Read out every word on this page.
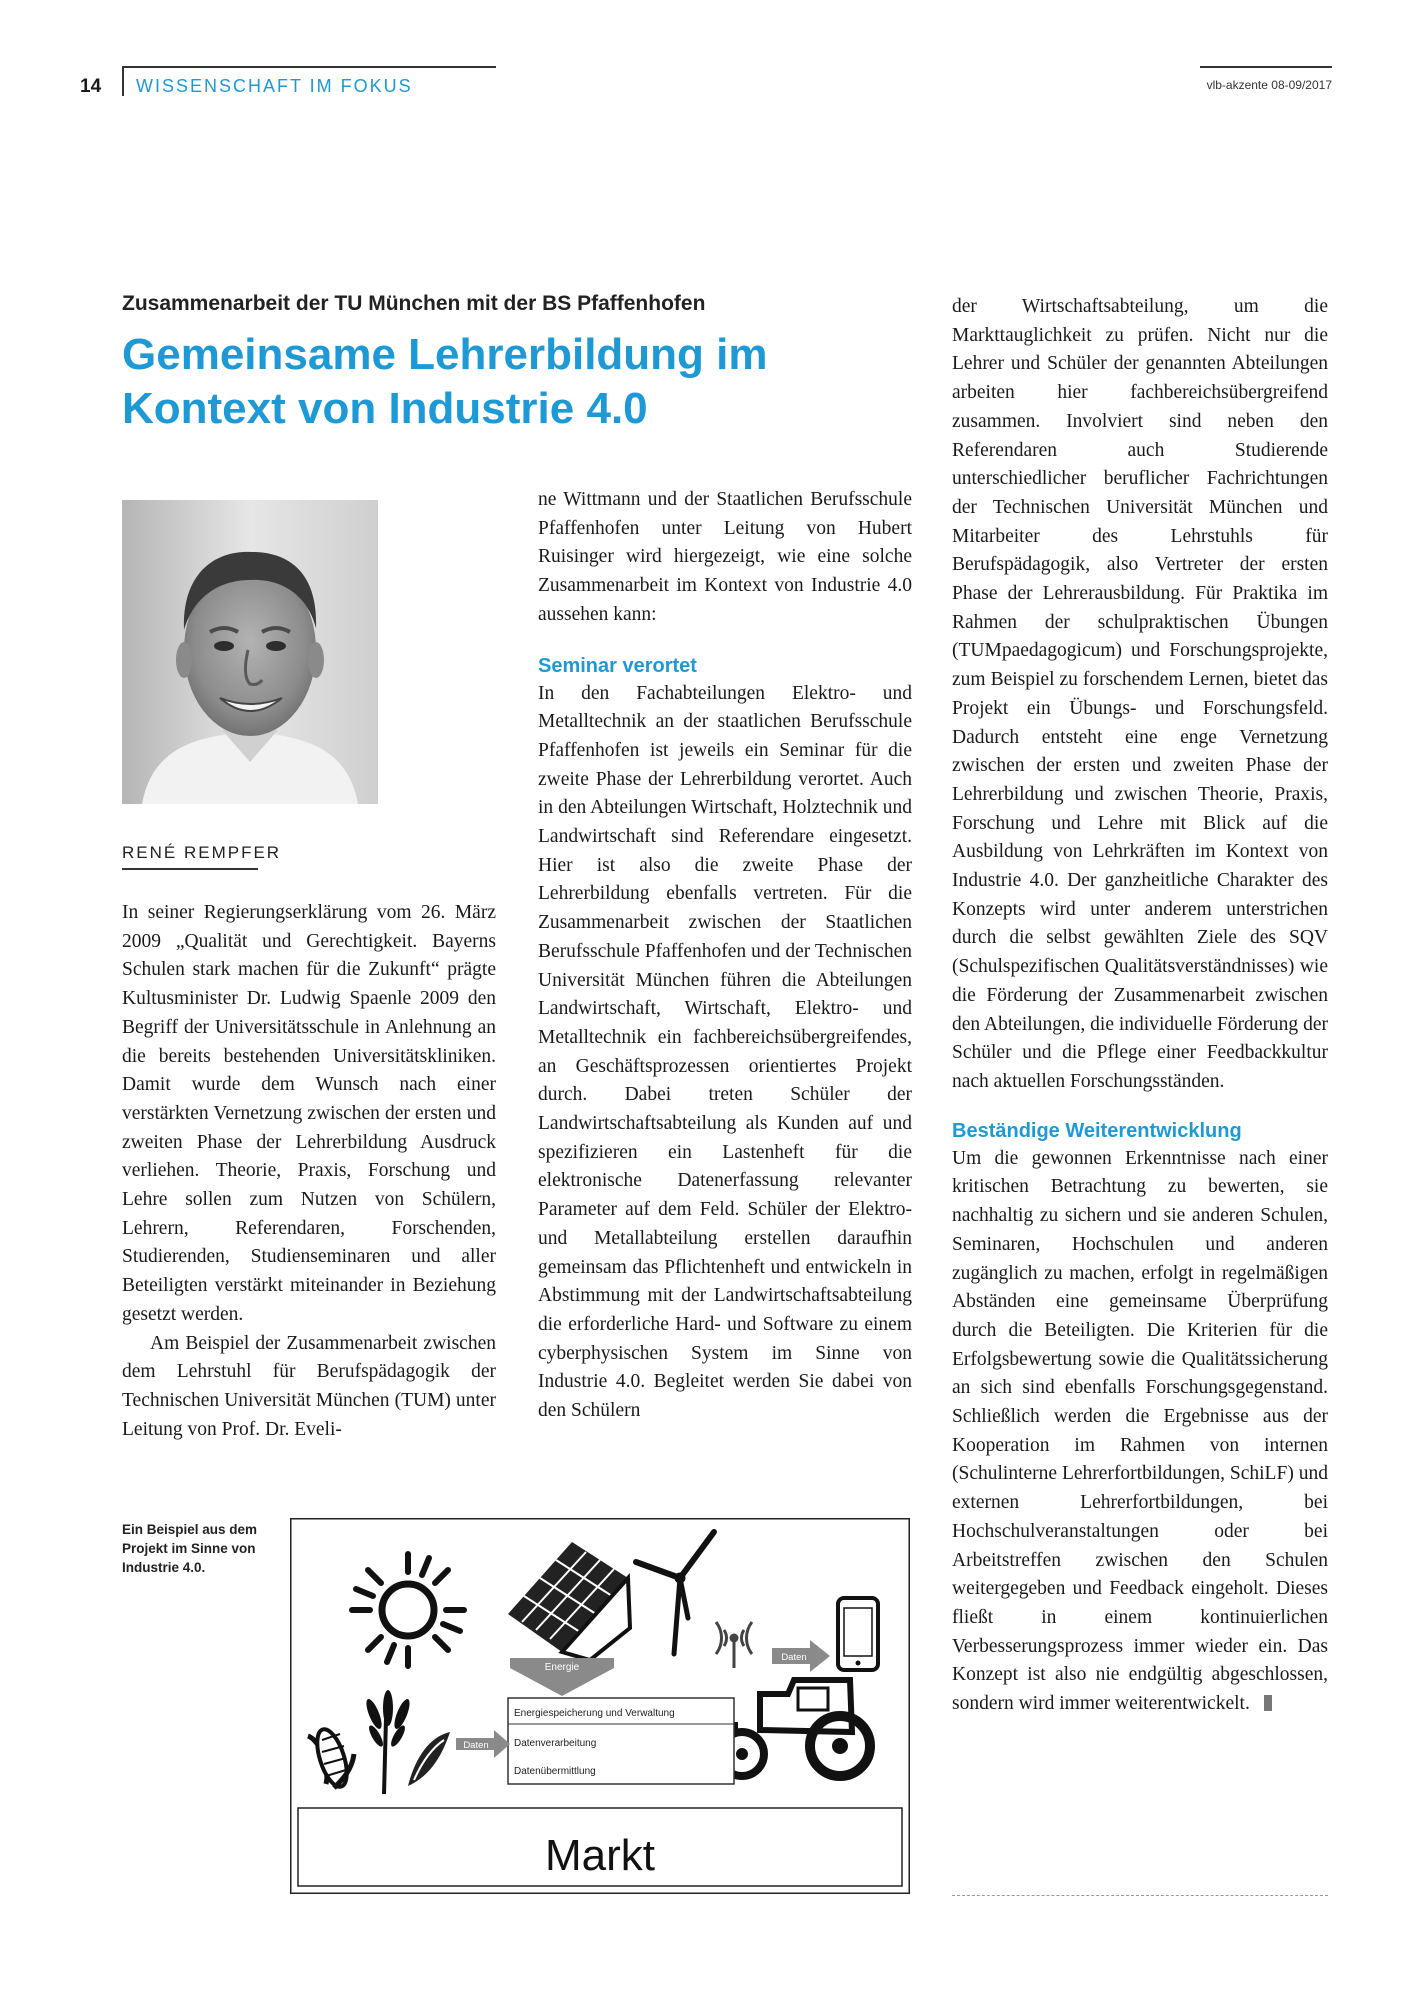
14 WISSENSCHAFT IM FOKUS	vlb-akzente 08-09/2017
Zusammenarbeit der TU München mit der BS Pfaffenhofen
Gemeinsame Lehrerbildung im Kontext von Industrie 4.0
RENÉ REMPFER

In seiner Regierungserklärung vom 26. März 2009 „Qualität und Gerechtigkeit. Bayerns Schulen stark machen für die Zukunft“ prägte Kultusminister Dr. Ludwig Spaenle 2009 den Begriff der Universitätsschule in Anlehnung an die bereits bestehenden Universitätskliniken. Damit wurde dem Wunsch nach einer verstärkten Vernetzung zwischen der ersten und zweiten Phase der Lehrerbildung Ausdruck verliehen. Theorie, Praxis, Forschung und Lehre sollen zum Nutzen von Schülern, Lehrern, Referendaren, Forschenden, Studierenden, Studienseminaren und aller Beteiligten verstärkt miteinander in Beziehung gesetzt werden.

Am Beispiel der Zusammenarbeit zwischen dem Lehrstuhl für Berufspädagogik der Technischen Universität München (TUM) unter Leitung von Prof. Dr. Eveli-

ne Wittmann und der Staatlichen Berufsschule Pfaffenhofen unter Leitung von Hubert Ruisinger wird hiergezeigt, wie eine solche Zusammenarbeit im Kontext von Industrie 4.0 aussehen kann:

Seminar verortet

In den Fachabteilungen Elektro- und Metalltechnik an der staatlichen Berufsschule Pfaffenhofen ist jeweils ein Seminar für die zweite Phase der Lehrerbildung verortet. Auch in den Abteilungen Wirtschaft, Holztechnik und Landwirtschaft sind Referendare eingesetzt. Hier ist also die zweite Phase der Lehrerbildung ebenfalls vertreten. Für die Zusammenarbeit zwischen der Staatlichen Berufsschule Pfaffenhofen und der Technischen Universität München führen die Abteilungen Landwirtschaft, Wirtschaft, Elektro- und Metalltechnik ein fachbereichsübergreifendes, an Geschäftsprozessen orientiertes Projekt durch. Dabei treten Schüler der Landwirtschaftsabteilung als Kunden auf und spezifizieren ein Lastenheft für die elektronische Datenerfassung relevanter Parameter auf dem Feld. Schüler der Elektro- und Metallabteilung erstellen daraufhin gemeinsam das Pflichtenheft und entwickeln in Abstimmung mit der Landwirtschaftsabteilung die erforderliche Hard- und Software zu einem cyberphysischen System im Sinne von Industrie 4.0. Begleitet werden Sie dabei von den Schülern

der Wirtschaftsabteilung, um die Markttauglichkeit zu prüfen. Nicht nur die Lehrer und Schüler der genannten Abteilungen arbeiten hier fachbereichsübergreifend zusammen. Involviert sind neben den Referendaren auch Studierende unterschiedlicher beruflicher Fachrichtungen der Technischen Universität München und Mitarbeiter des Lehrstuhls für Berufspädagogik, also Vertreter der ersten Phase der Lehrerausbildung. Für Praktika im Rahmen der schulpraktischen Übungen (TUMpaedagogicum) und Forschungsprojekte, zum Beispiel zu forschendem Lernen, bietet das Projekt ein Übungs- und Forschungsfeld. Dadurch entsteht eine enge Vernetzung zwischen der ersten und zweiten Phase der Lehrerbildung und zwischen Theorie, Praxis, Forschung und Lehre mit Blick auf die Ausbildung von Lehrkräften im Kontext von Industrie 4.0. Der ganzheitliche Charakter des Konzepts wird unter anderem unterstrichen durch die selbst gewählten Ziele des SQV (Schulspezifischen Qualitätsverständnisses) wie die Förderung der Zusammenarbeit zwischen den Abteilungen, die individuelle Förderung der Schüler und die Pflege einer Feedbackkultur nach aktuellen Forschungsständen.

Beständige Weiterentwicklung

Um die gewonnen Erkenntnisse nach einer kritischen Betrachtung zu bewerten, sie nachhaltig zu sichern und sie anderen Schulen, Seminaren, Hochschulen und anderen zugänglich zu machen, erfolgt in regelmäßigen Abständen eine gemeinsame Überprüfung durch die Beteiligten. Die Kriterien für die Erfolgsbewertung sowie die Qualitätssicherung an sich sind ebenfalls Forschungsgegenstand. Schließlich werden die Ergebnisse aus der Kooperation im Rahmen von internen (Schulinterne Lehrerfortbildungen, SchiLF) und externen Lehrerfortbildungen, bei Hochschulveranstaltungen oder bei Arbeitstreffen zwischen den Schulen weitergegeben und Feedback eingeholt. Dieses fließt in einem kontinuierlichen Verbesserungsprozess immer wieder ein. Das Konzept ist also nie endgültig abgeschlossen, sondern wird immer weiterentwickelt.

Ein Beispiel aus dem Projekt im Sinne von Industrie 4.0.
Energie
Daten
Energiespeicherung und Verwaltung
Datenverarbeitung
Datenübermittlung
Daten
Markt
